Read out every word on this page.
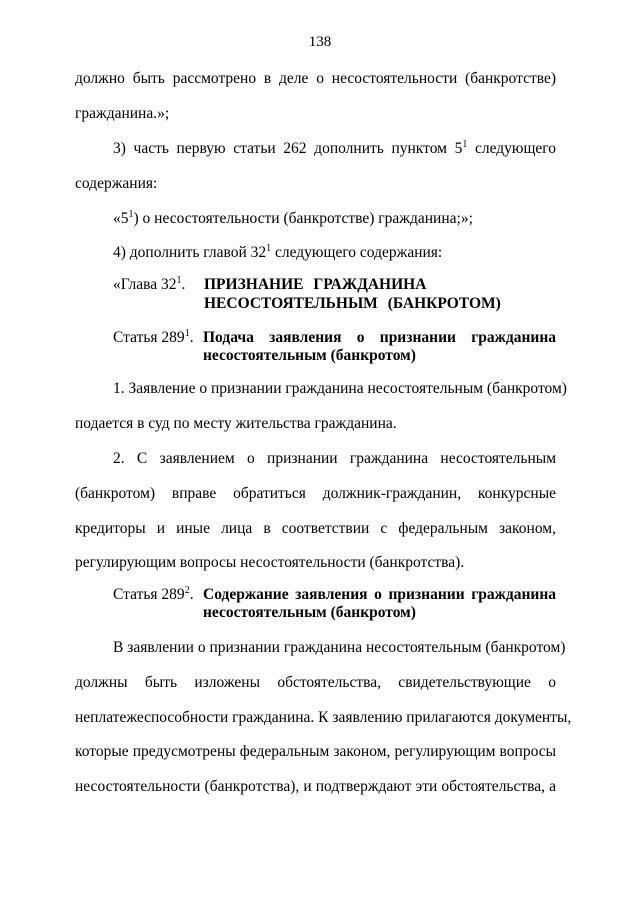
138
должно быть рассмотрено в деле о несостоятельности (банкротстве)
гражданина.»;
3) часть первую статьи 262 дополнить пунктом $5^1$ следующего
содержания:
«$5^1$) о несостоятельности (банкротстве) гражданина;»;
4) дополнить главой $32^1$ следующего содержания:
«Глава $32^1$. ПРИЗНАНИЕ ГРАЖДАНИНА
НЕСОСТОЯТЕЛЬНЫМ (БАНКРОТОМ)
Статья $289^1$. Подача заявления о признании гражданина
несостоятельным (банкротом)
1. Заявление о признании гражданина несостоятельным (банкротом)
подается в суд по месту жительства гражданина.
2. С заявлением о признании гражданина несостоятельным
(банкротом) вправе обратиться должник-гражданин, конкурсные
кредиторы и иные лица в соответствии с федеральным законом,
регулирующим вопросы несостоятельности (банкротства).
Статья $289^2$. Содержание заявления о признании гражданина
несостоятельным (банкротом)
В заявлении о признании гражданина несостоятельным (банкротом)
должны быть изложены обстоятельства, свидетельствующие о
неплатежеспособности гражданина. К заявлению прилагаются документы,
которые предусмотрены федеральным законом, регулирующим вопросы
несостоятельности (банкротства), и подтверждают эти обстоятельства, а
